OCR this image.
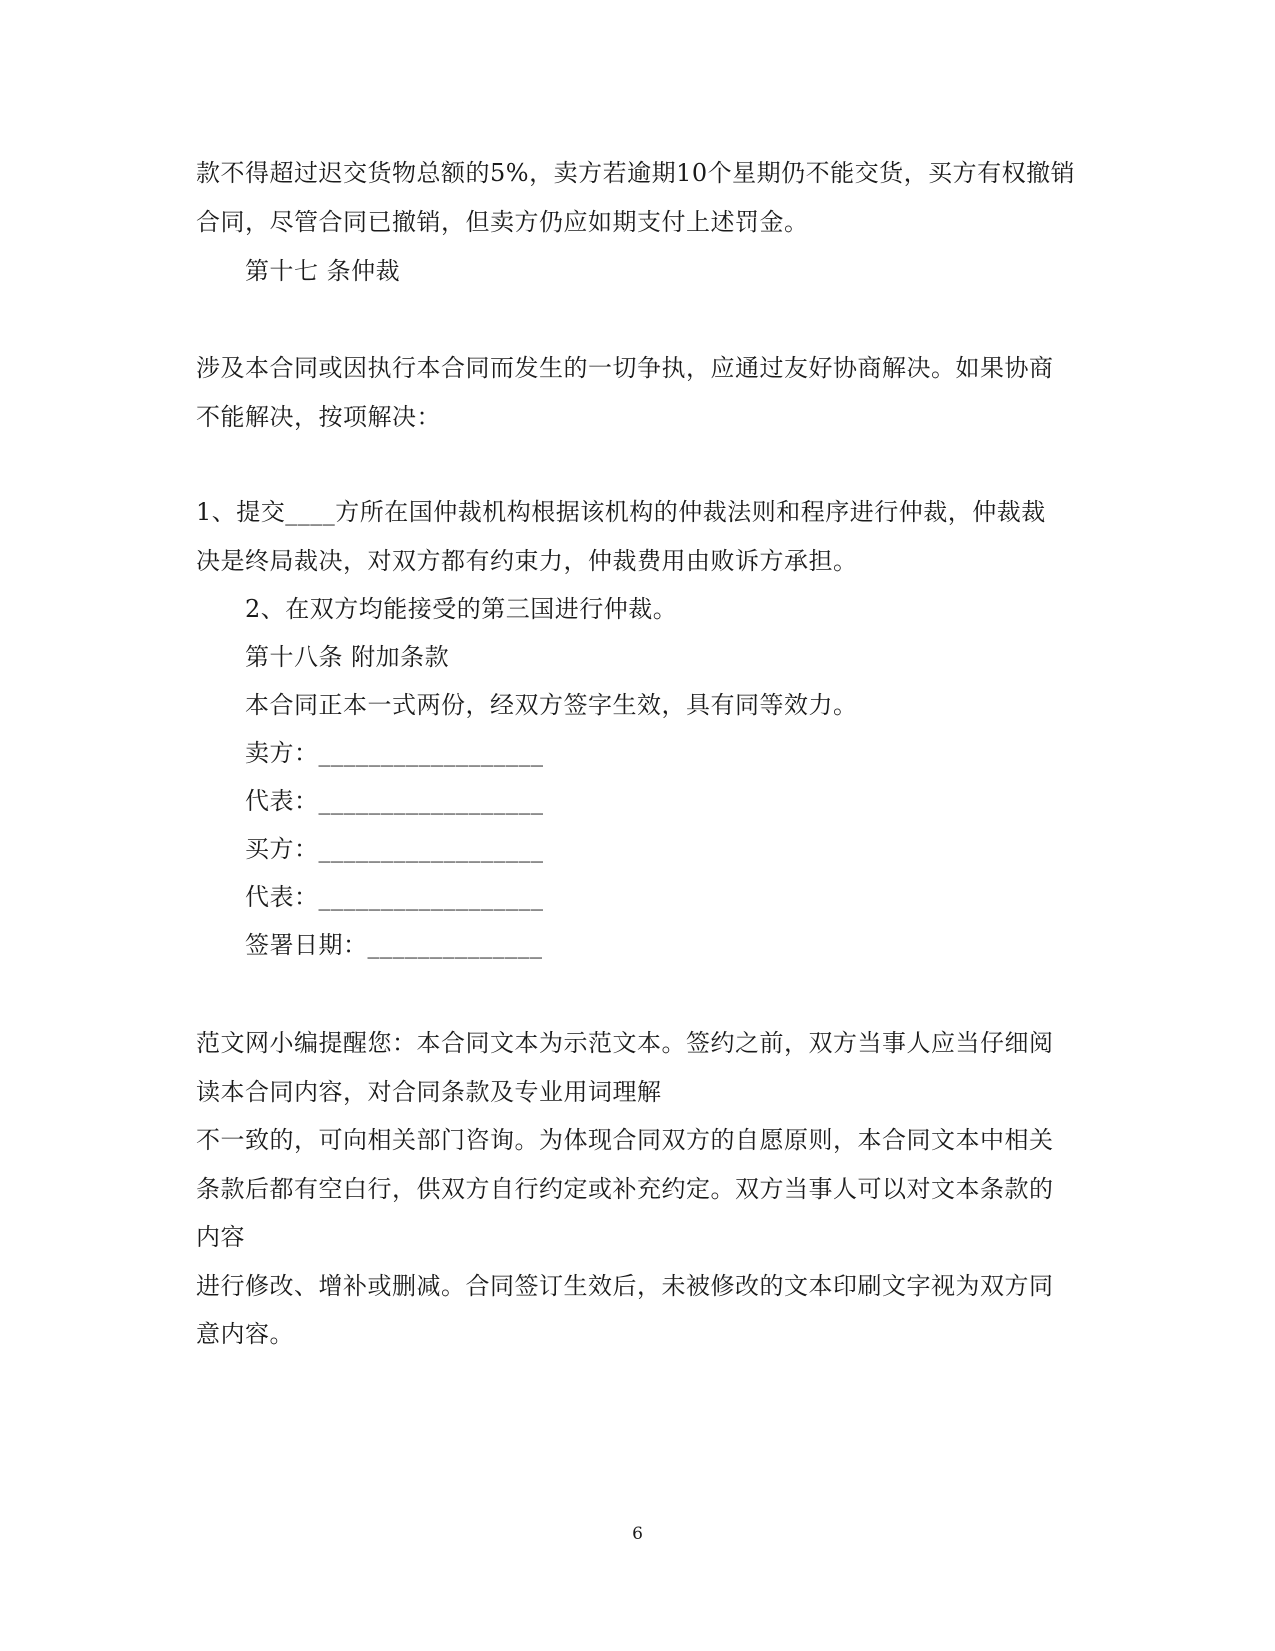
款不得超过迟交货物总额的5%，卖方若逾期10个星期仍不能交货，买方有权撤销
合同，尽管合同已撤销，但卖方仍应如期支付上述罚金。
第十七 条仲裁
涉及本合同或因执行本合同而发生的一切争执，应通过友好协商解决。如果协商
不能解决，按项解决：
1、提交____方所在国仲裁机构根据该机构的仲裁法则和程序进行仲裁，仲裁裁
决是终局裁决，对双方都有约束力，仲裁费用由败诉方承担。
2、在双方均能接受的第三国进行仲裁。
第十八条 附加条款
本合同正本一式两份，经双方签字生效，具有同等效力。
卖方：__________________
代表：__________________
买方：__________________
代表：__________________
签署日期：______________
范文网小编提醒您：本合同文本为示范文本。签约之前，双方当事人应当仔细阅
读本合同内容，对合同条款及专业用词理解
不一致的，可向相关部门咨询。为体现合同双方的自愿原则，本合同文本中相关
条款后都有空白行，供双方自行约定或补充约定。双方当事人可以对文本条款的
内容
进行修改、增补或删减。合同签订生效后，未被修改的文本印刷文字视为双方同
意内容。
6
